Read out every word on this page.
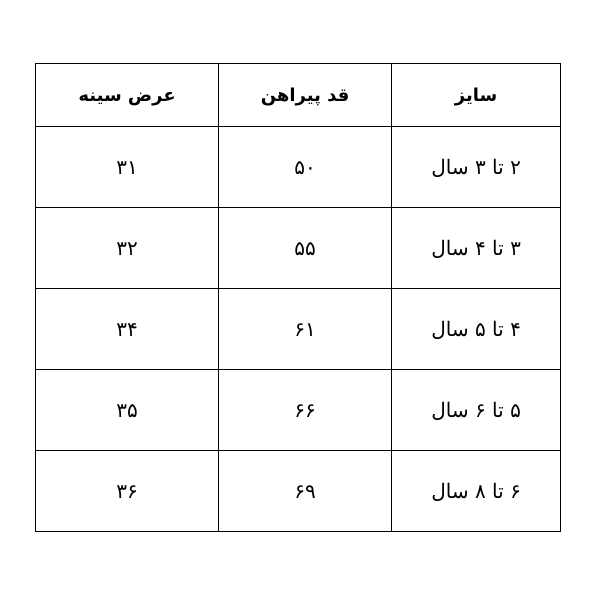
عرض سینه	قد پیراهن	سایز
۳۱	۵۰	۲ تا ۳ سال
۳۲	۵۵	۳ تا ۴ سال
۳۴	۶۱	۴ تا ۵ سال
۳۵	۶۶	۵ تا ۶ سال
۳۶	۶۹	۶ تا ۸ سال
